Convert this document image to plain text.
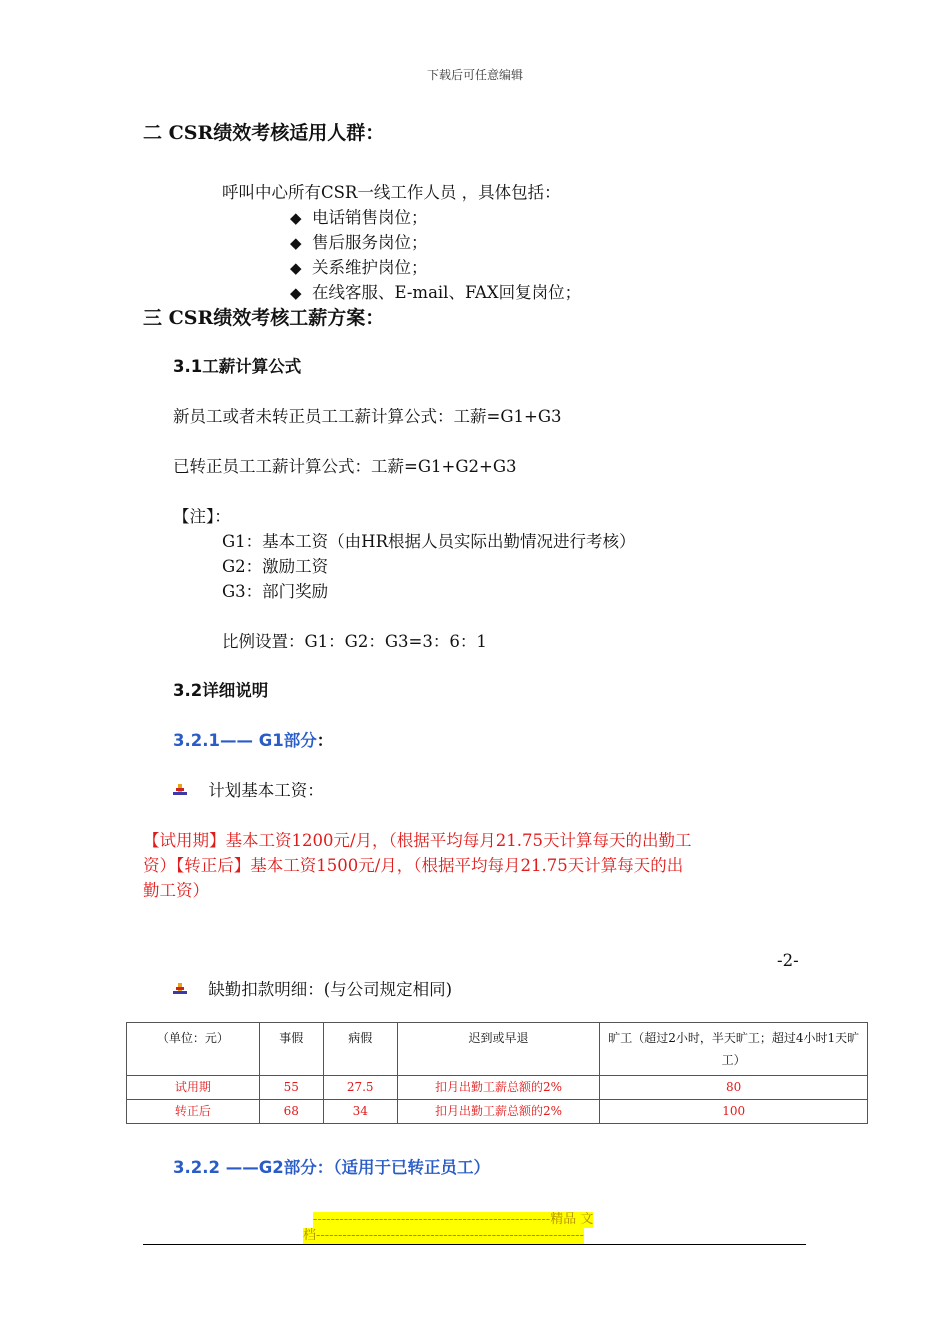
下载后可任意编辑
二 CSR绩效考核适用人群：
呼叫中心所有CSR一线工作人员 ，具体包括：
◆ 电话销售岗位；
◆ 售后服务岗位；
◆ 关系维护岗位；
◆ 在线客服、E-mail、FAX回复岗位；
三 CSR绩效考核工薪方案：
3.1工薪计算公式
新员工或者未转正员工工薪计算公式：工薪=G1+G3
已转正员工工薪计算公式：工薪=G1+G2+G3
【注】：
G1：基本工资（由HR根据人员实际出勤情况进行考核）
G2：激励工资
G3：部门奖励
比例设置：G1：G2：G3=3：6：1
3.2详细说明
3.2.1—— G1部分：
计划基本工资：
【试用期】基本工资1200元/月，（根据平均每月21.75天计算每天的出勤工
资）【转正后】基本工资1500元/月，（根据平均每月21.75天计算每天的出
勤工资）
-2-
缺勤扣款明细：(与公司规定相同)
（单位：元）	事假	病假	迟到或早退	旷工（超过2小时，半天旷工；超过4小时1天旷工）
试用期	55	27.5	扣月出勤工薪总额的2%	80
转正后	68	34	扣月出勤工薪总额的2%	100
3.2.2 ——G2部分：（适用于已转正员工）
------------------------------------------------------精品 文
档-------------------------------------------------------------
